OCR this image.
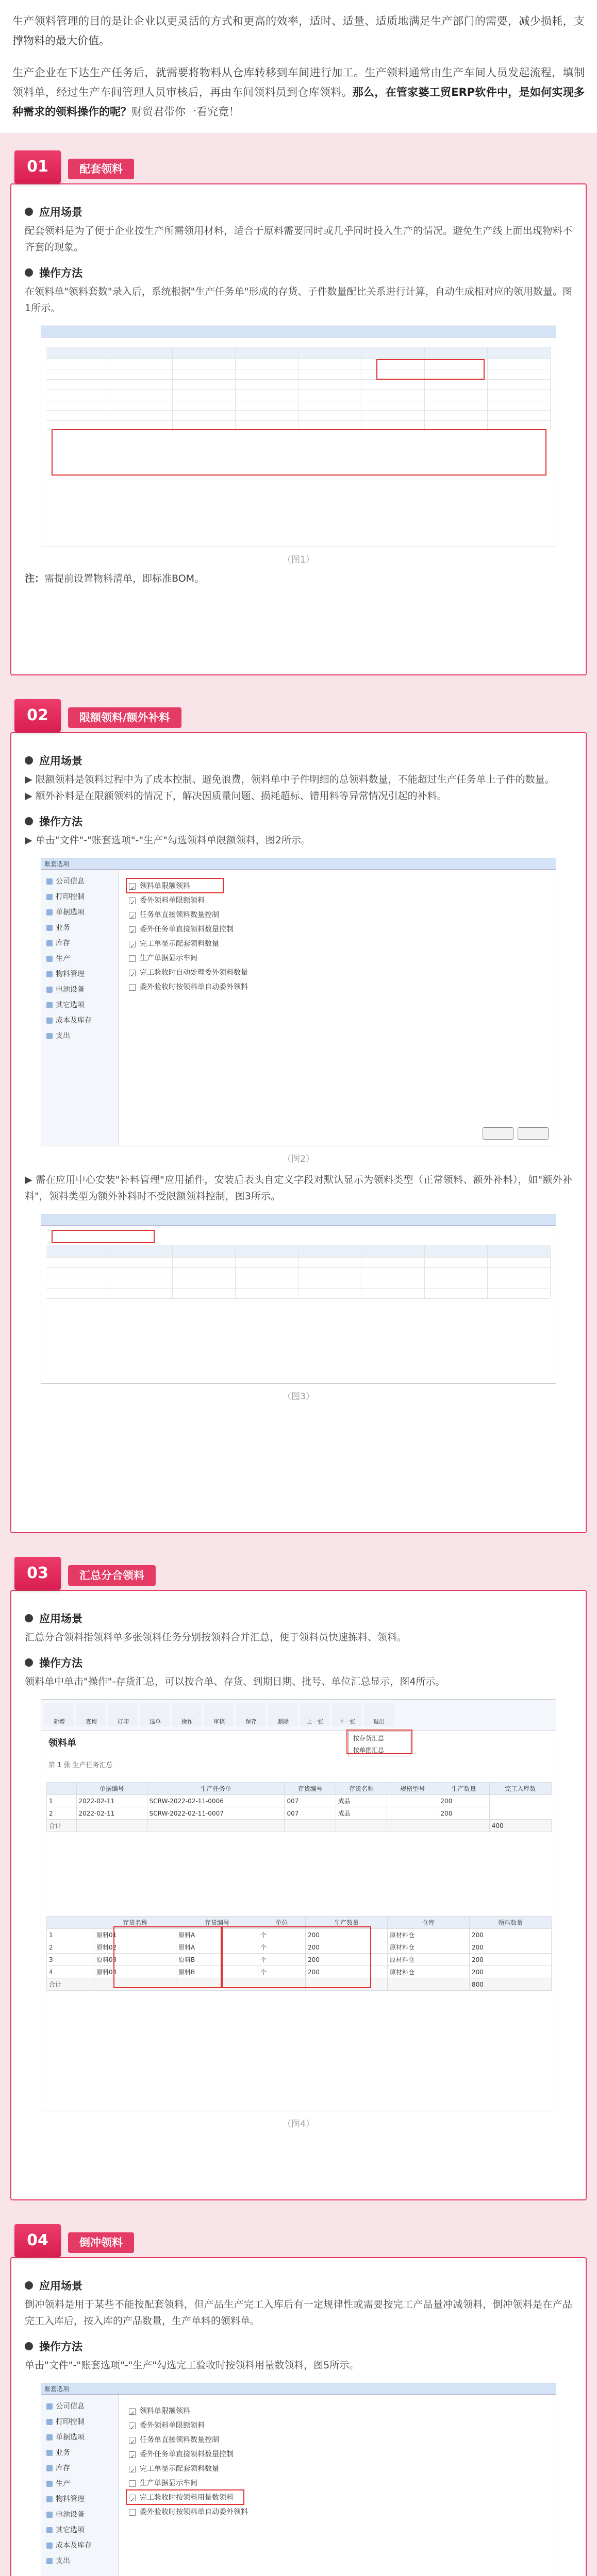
生产领料管理的目的是让企业以更灵活的方式和更高的效率，适时、适量、适质地满足生产部门的需要，减少损耗，支撑物料的最大价值。

生产企业在下达生产任务后，就需要将物料从仓库转移到车间进行加工。生产领料通常由生产车间人员发起流程，填制领料单，经过生产车间管理人员审核后，再由车间领料员到仓库领料。那么，在管家婆工贸ERP软件中，是如何实现多种需求的领料操作的呢？财贸君带你一看究竟！

01	配套领料
应用场景

配套领料是为了便于企业按生产所需领用材料，适合于原料需要同时或几乎同时投入生产的情况。避免生产线上面出现物料不齐套的现象。

操作方法

在领料单"领料套数"录入后，系统根据"生产任务单"形成的存货、子件数量配比关系进行计算，自动生成相对应的领用数量。图1所示。

（图1）

注：需提前设置物料清单，即标准BOM。

02	限额领料/额外补料
应用场景

▶ 限额领料是领料过程中为了成本控制、避免浪费，领料单中子件明细的总领料数量，不能超过生产任务单上子件的数量。
▶ 额外补料是在限额领料的情况下，解决因质量问题、损耗超标、错用料等异常情况引起的补料。

操作方法

▶ 单击"文件"-"账套选项"-"生产"勾选领料单限额领料，图2所示。

账套选项
公司信息
打印控制
单据选项
业务
库存
生产
物料管理
电池设备
其它选项
成本及库存
支出
✓
领料单限额领料
✓
委外领料单限额领料
✓
任务单直接领料数量控制
✓
委外任务单直接领料数量控制
✓
完工单显示配套领料数量
生产单据显示车间
✓
完工验收时自动处理委外领料数量
委外验收时按领料单自动委外领料

（图2）

▶ 需在应用中心安装"补料管理"应用插件，安装后表头自定义字段对默认显示为领料类型（正常领料、额外补料），如"额外补料"，领料类型为额外补料时不受限额领料控制，图3所示。

（图3）

03	汇总分合领料
应用场景

汇总分合领料指领料单多张领料任务分别按领料合并汇总，便于领料员快速拣料、领料。

操作方法

领料单中单击"操作"-存货汇总，可以按合单、存货、到期日期、批号、单位汇总显示，图4所示。

新增	查询	打印	选单	操作	审核	保存	删除	上一张	下一张	退出
领料单
第 1 张 生产任务汇总
按存货汇总
按单据汇总
	单据编号	生产任务单	存货编号	存货名称	规格型号	生产数量	完工入库数
1	2022-02-11	SCRW-2022-02-11-0006	007	成品		200	
2	2022-02-11	SCRW-2022-02-11-0007	007	成品		200	
合计							400
	存货名称	存货编号	单位	生产数量	仓库	领料数量
1	原料01	原料A	个	200	原材料仓	200
2	原料02	原料A	个	200	原材料仓	200
3	原料03	原料B	个	200	原材料仓	200
4	原料04	原料B	个	200	原材料仓	200
合计						800

（图4）

04	倒冲领料
应用场景

倒冲领料是用于某些不能按配套领料，但产品生产完工入库后有一定规律性或需要按完工产品量冲减领料，倒冲领料是在产品完工入库后，按入库的产品数量，生产单料的领料单。

操作方法

单击"文件"-"账套选项"-"生产"勾选完工验收时按领料用量数领料，图5所示。

账套选项
公司信息
打印控制
单据选项
业务
库存
生产
物料管理
电池设备
其它选项
成本及库存
支出
✓
领料单限额领料
✓
委外领料单限额领料
✓
任务单直接领料数量控制
✓
委外任务单直接领料数量控制
✓
完工单显示配套领料数量
生产单据显示车间
✓
完工验收时按领料用量数领料
委外验收时按领料单自动委外领料
